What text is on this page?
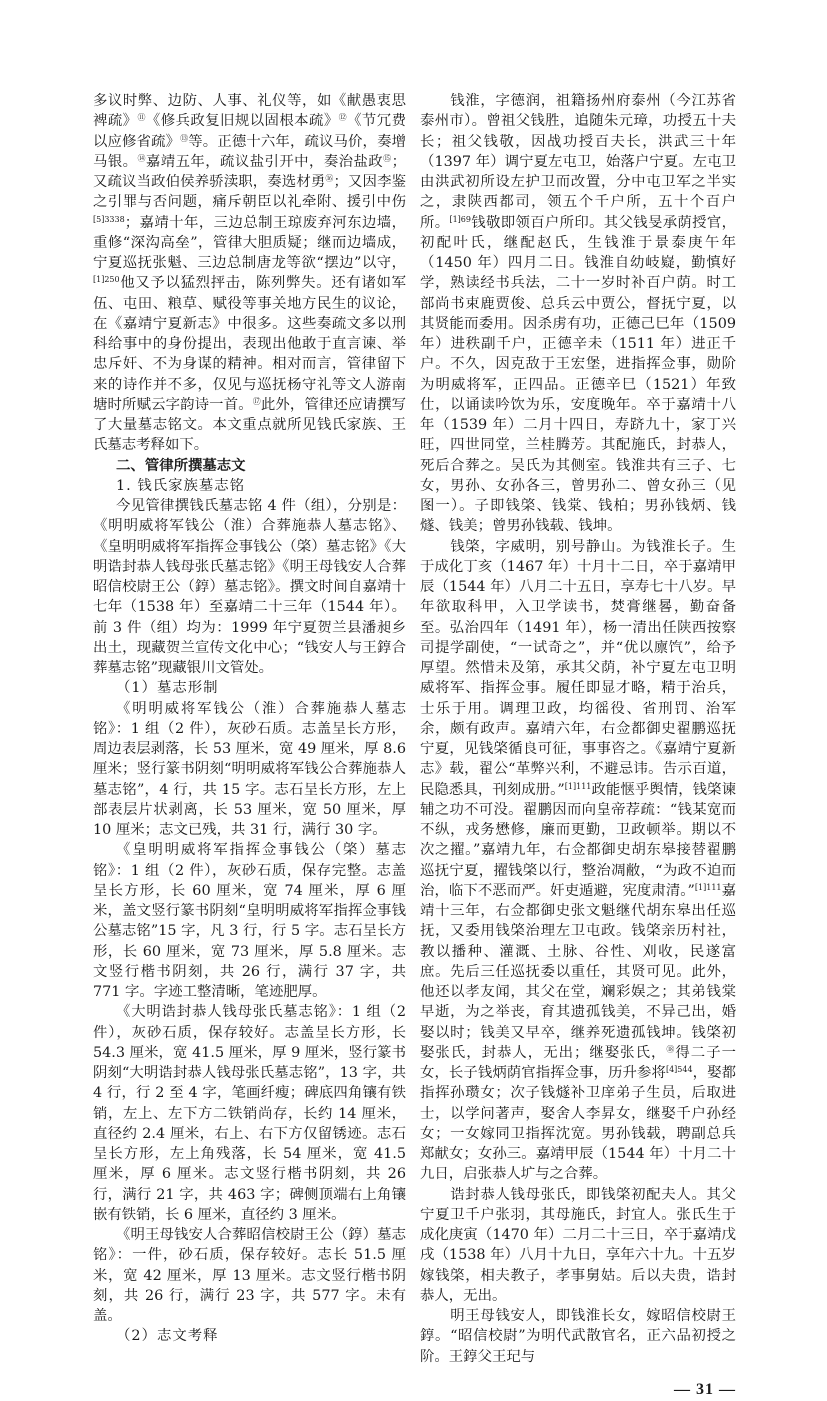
多议时弊、边防、人事、礼仪等，如《献愚衷思裨疏》⑪《修兵政复旧规以固根本疏》⑫《节冗费以应修省疏》⑬等。正德十六年，疏议马价，奏增马银。⑭嘉靖五年，疏议盐引开中，奏治盐政⑮；又疏议当政伯侯养骄渎职，奏选材勇⑯；又因李鉴之引罪与否问题，痛斥朝臣以礼牵附、援引中伤$^{[5]3338}$；嘉靖十年，三边总制王琼废弃河东边墙，重修“深沟高垒”，管律大胆质疑；继而边墙成，宁夏巡抚张魁、三边总制唐龙等欲“摆边”以守，$^{[1]250}$他又予以猛烈抨击，陈列弊失。还有诸如军伍、屯田、粮草、赋役等事关地方民生的议论，在《嘉靖宁夏新志》中很多。这些奏疏文多以刑科给事中的身份提出，表现出他敢于直言谏、举忠斥奸、不为身谋的精神。相对而言，管律留下来的诗作并不多，仅见与巡抚杨守礼等文人游南塘时所赋云字韵诗一首。⑰此外，管律还应请撰写了大量墓志铭文。本文重点就所见钱氏家族、王氏墓志考释如下。

二、管律所撰墓志文

1. 钱氏家族墓志铭

今见管律撰钱氏墓志铭 4 件（组），分别是：《明明威将军钱公（淮）合葬施恭人墓志铭》、《皇明明威将军指挥佥事钱公（棨）墓志铭》《大明诰封恭人钱母张氏墓志铭》《明王母钱安人合葬昭信校尉王公（錞）墓志铭》。撰文时间自嘉靖十七年（1538 年）至嘉靖二十三年（1544 年）。前 3 件（组）均为：1999 年宁夏贺兰县潘昶乡出土，现藏贺兰宣传文化中心；“钱安人与王錞合葬墓志铭”现藏银川文管处。

（1）墓志形制

《明明威将军钱公（淮）合葬施恭人墓志铭》：1 组（2 件），灰砂石质。志盖呈长方形，周边表层剥落，长 53 厘米，宽 49 厘米，厚 8.6 厘米；竖行篆书阴刻“明明威将军钱公合葬施恭人墓志铭”，4 行，共 15 字。志石呈长方形，左上部表层片状剥离，长 53 厘米，宽 50 厘米，厚 10 厘米；志文已残，共 31 行，满行 30 字。

《皇明明威将军指挥佥事钱公（棨）墓志铭》：1 组（2 件），灰砂石质，保存完整。志盖呈长方形，长 60 厘米，宽 74 厘米，厚 6 厘米，盖文竖行篆书阴刻“皇明明威将军指挥佥事钱公墓志铭”15 字，凡 3 行，行 5 字。志石呈长方形，长 60 厘米，宽 73 厘米，厚 5.8 厘米。志文竖行楷书阴刻，共 26 行，满行 37 字，共 771 字。字迹工整清晰，笔迹肥厚。

《大明诰封恭人钱母张氏墓志铭》：1 组（2 件），灰砂石质，保存较好。志盖呈长方形，长 54.3 厘米，宽 41.5 厘米，厚 9 厘米，竖行篆书阴刻“大明诰封恭人钱母张氏墓志铭”，13 字，共 4 行，行 2 至 4 字，笔画纤瘦；碑底四角镶有铁销，左上、左下方二铁销尚存，长约 14 厘米，直径约 2.4 厘米，右上、右下方仅留锈迹。志石呈长方形，左上角残落，长 54 厘米，宽 41.5 厘米，厚 6 厘米。志文竖行楷书阴刻，共 26 行，满行 21 字，共 463 字；碑侧顶端右上角镶嵌有铁销，长 6 厘米，直径约 3 厘米。

《明王母钱安人合葬昭信校尉王公（錞）墓志铭》：一件，砂石质，保存较好。志长 51.5 厘米，宽 42 厘米，厚 13 厘米。志文竖行楷书阴刻，共 26 行，满行 23 字，共 577 字。未有盖。

（2）志文考释

钱淮，字德润，祖籍扬州府泰州（今江苏省泰州市）。曾祖父钱胜，追随朱元璋，功授五十夫长；祖父钱敬，因战功授百夫长，洪武三十年（1397 年）调宁夏左屯卫，始落户宁夏。左屯卫由洪武初所设左护卫而改置，分中屯卫军之半实之，隶陕西都司，领五个千户所，五十个百户所。$^{[1]69}$钱敬即领百户所印。其父钱旻承荫授官，初配叶氏，继配赵氏，生钱淮于景泰庚午年（1450 年）四月二日。钱淮自幼岐嶷，勤慎好学，熟读经书兵法，二十一岁时补百户荫。时工部尚书束鹿贾俊、总兵云中贾公，督抚宁夏，以其贤能而委用。因杀虏有功，正德己巳年（1509 年）进秩副千户，正德辛未（1511 年）进正千户。不久，因克敌于王宏堡，进指挥佥事，勋阶为明威将军，正四品。正德辛巳（1521）年致仕，以诵读吟饮为乐，安度晚年。卒于嘉靖十八年（1539 年）二月十四日，寿跻九十，家丁兴旺，四世同堂，兰桂腾芳。其配施氏，封恭人，死后合葬之。吴氏为其侧室。钱淮共有三子、七女，男孙、女孙各三，曾男孙二、曾女孙三（见图一）。子即钱棨、钱棠、钱柏；男孙钱炳、钱燧、钱美；曾男孙钱载、钱坤。

钱棨，字威明，别号静山。为钱淮长子。生于成化丁亥（1467 年）十月十二日，卒于嘉靖甲辰（1544 年）八月二十五日，享寿七十八岁。早年欲取科甲，入卫学读书，焚膏继晷，勤奋备至。弘治四年（1491 年），杨一清出任陕西按察司提学副使，“一试奇之”，并“优以廪饩”，给予厚望。然惜未及第，承其父荫，补宁夏左屯卫明威将军、指挥佥事。履任即显才略，精于治兵，士乐于用。调理卫政，均徭役、省刑罚、治军余，颇有政声。嘉靖六年，右佥都御史翟鹏巡抚宁夏，见钱棨循良可征，事事咨之。《嘉靖宁夏新志》载，翟公“革弊兴利，不避忌讳。告示百道，民隐悉具，刊刻成册。”$^{[1]111}$政能惬乎舆情，钱棨谏辅之功不可没。翟鹏因而向皇帝荐疏：“钱某宽而不纵，戎务懋修，廉而更勤，卫政顿举。期以不次之擢。”嘉靖九年，右佥都御史胡东皋接替翟鹏巡抚宁夏，擢钱棨以行，整治凋敝，“为政不迫而治，临下不恶而严。奸吏遁避，宪度肃清。”$^{[1]111}$嘉靖十三年，右佥都御史张文魁继代胡东皋出任巡抚，又委用钱棨治理左卫屯政。钱棨亲历村社，教以播种、灌溉、土脉、谷性、刈收，民遂富庶。先后三任巡抚委以重任，其贤可见。此外，他还以孝友闻，其父在堂，斓彩娱之；其弟钱棠早逝，为之举丧，育其遗孤钱美，不异己出，婚娶以时；钱美又早卒，继养死遗孤钱坤。钱棨初娶张氏，封恭人，无出；继娶张氏，⑱得二子一女，长子钱炳荫官指挥佥事，历升参将$^{[4]544}$，娶都指挥孙瓒女；次子钱燧补卫庠弟子生员，后取进士，以学问著声，娶舍人李昇女，继娶千户孙经女；一女嫁同卫指挥沈宽。男孙钱载，聘副总兵郑献女；女孙三。嘉靖甲辰（1544 年）十月二十九日，启张恭人圹与之合葬。

诰封恭人钱母张氏，即钱棨初配夫人。其父宁夏卫千户张羽，其母施氏，封宜人。张氏生于成化庚寅（1470 年）二月二十三日，卒于嘉靖戊戌（1538 年）八月十九日，享年六十九。十五岁嫁钱棨，相夫教子，孝事舅姑。后以夫贵，诰封恭人，无出。

明王母钱安人，即钱淮长女，嫁昭信校尉王錞。“昭信校尉”为明代武散官名，正六品初授之阶。王錞父王玘与

— 31 —
